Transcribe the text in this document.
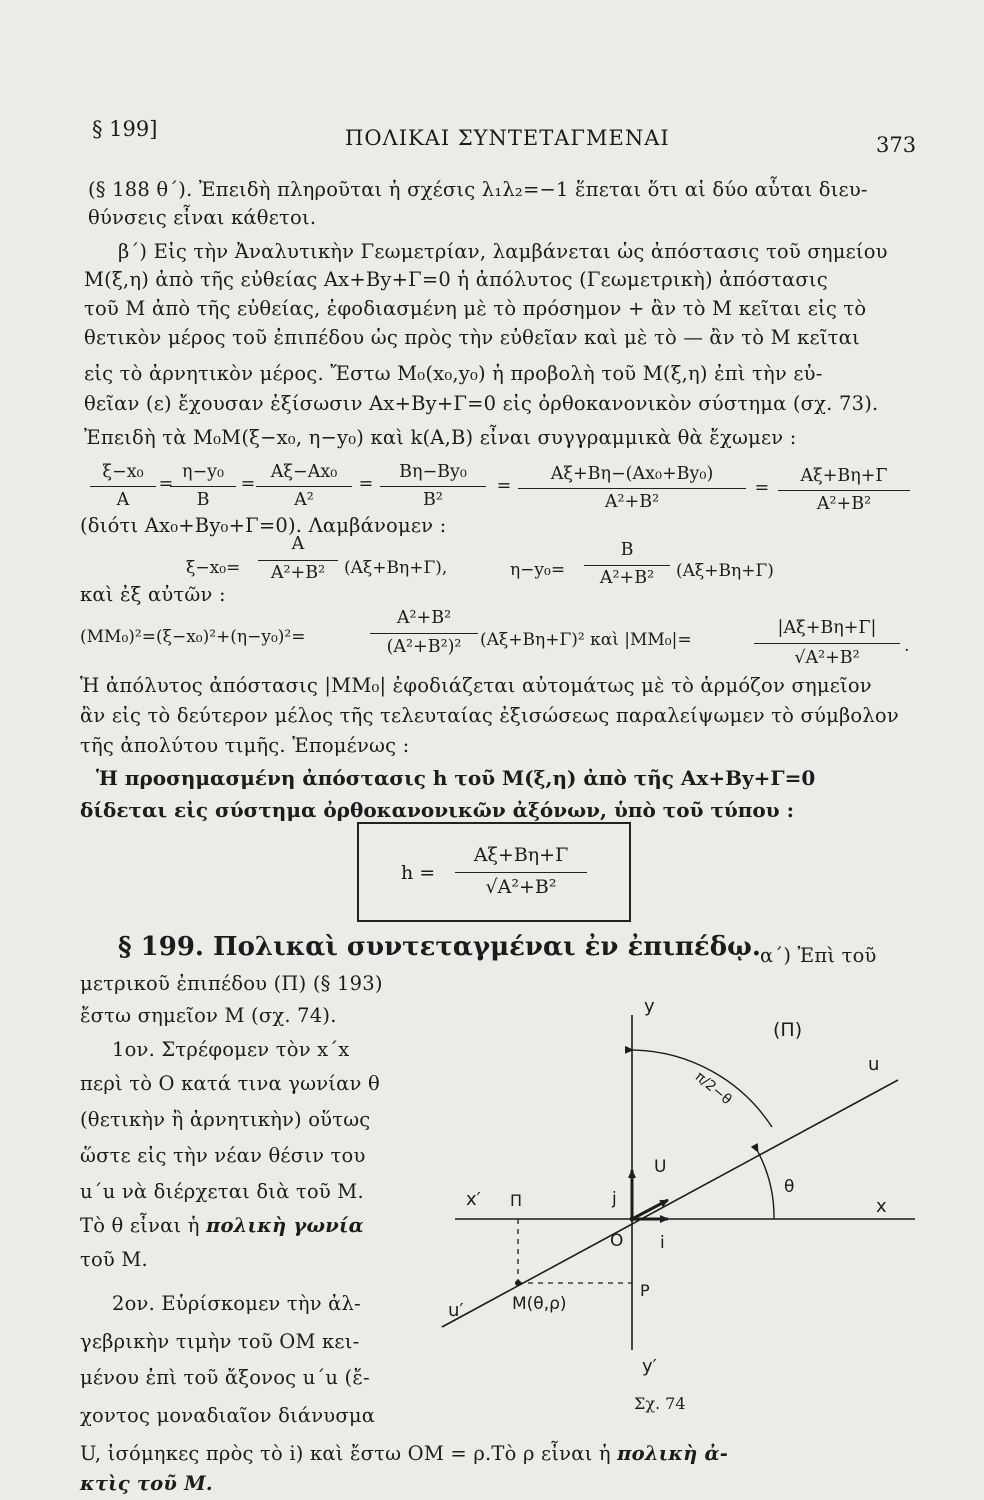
§ 199]	ΠΟΛΙΚΑΙ ΣΥΝΤΕΤΑΓΜΕΝΑΙ	373
(§ 188 θ΄). Ἐπειδὴ πληροῦται ἡ σχέσις λ₁λ₂=−1 ἕπεται ὅτι αἱ δύο αὗται διευ-
θύνσεις εἶναι κάθετοι.
β΄) Εἰς τὴν Ἀναλυτικὴν Γεωμετρίαν, λαμβάνεται ὡς ἀπόστασις τοῦ σημείου
Μ(ξ,η) ἀπὸ τῆς εὐθείας Ax+By+Γ=0 ἡ ἀπόλυτος (Γεωμετρικὴ) ἀπόστασις
τοῦ Μ ἀπὸ τῆς εὐθείας, ἐφοδιασμένη μὲ τὸ πρόσημον + ἂν τὸ Μ κεῖται εἰς τὸ
θετικὸν μέρος τοῦ ἐπιπέδου ὡς πρὸς τὴν εὐθεῖαν καὶ μὲ τὸ — ἂν τὸ Μ κεῖται
εἰς τὸ ἀρνητικὸν μέρος. Ἔστω Μ₀(x₀,y₀) ἡ προβολὴ τοῦ Μ(ξ,η) ἐπὶ τὴν εὐ-
θεῖαν (ε) ἔχουσαν ἐξίσωσιν Ax+By+Γ=0 εἰς ὀρθοκανονικὸν σύστημα (σχ. 73).
Ἐπειδὴ τὰ M₀M(ξ−x₀, η−y₀) καὶ k(A,B) εἶναι συγγραμμικὰ θὰ ἔχωμεν :
ξ−x₀
A
=
η−y₀
B
=
Aξ−Ax₀
A²
=
Bη−By₀
B²
=
Aξ+Bη−(Ax₀+By₀)
A²+B²
=
Aξ+Bη+Γ
A²+B²
(διότι Ax₀+By₀+Γ=0). Λαμβάνομεν :
ξ−x₀=
A
A²+B²	(Aξ+Bη+Γ),	η−y₀=
B
A²+B²	(Aξ+Bη+Γ)
καὶ ἐξ αὐτῶν :
(MM₀)²=(ξ−x₀)²+(η−y₀)²=
A²+B²
(A²+B²)²	(Aξ+Bη+Γ)² καὶ |MM₀|=
|Aξ+Bη+Γ|
√A²+B²
.
Ἡ ἀπόλυτος ἀπόστασις |MM₀| ἐφοδιάζεται αὐτομάτως μὲ τὸ ἁρμόζον σημεῖον
ἂν εἰς τὸ δεύτερον μέλος τῆς τελευταίας ἐξισώσεως παραλείψωμεν τὸ σύμβολον
τῆς ἀπολύτου τιμῆς. Ἑπομένως :
Ἡ προσημασμένη ἀπόστασις h τοῦ Μ(ξ,η) ἀπὸ τῆς Ax+By+Γ=0
δίδεται εἰς σύστημα ὀρθοκανονικῶν ἀξόνων, ὑπὸ τοῦ τύπου :
h =
Aξ+Bη+Γ
√A²+B²
§ 199. Πολικαὶ συντεταγμέναι ἐν ἐπιπέδῳ. α΄) Ἐπὶ τοῦ
μετρικοῦ ἐπιπέδου (Π) (§ 193)
ἔστω σημεῖον Μ (σχ. 74).
1ον. Στρέφομεν τὸν x΄x
περὶ τὸ Ο κατά τινα γωνίαν θ
(θετικὴν ἢ ἀρνητικὴν) οὕτως
ὥστε εἰς τὴν νέαν θέσιν του
u΄u νὰ διέρχεται διὰ τοῦ Μ.
Τὸ θ εἶναι ἡ πολικὴ γωνία
τοῦ Μ.
2ον. Εὑρίσκομεν τὴν ἀλ-
γεβρικὴν τιμὴν τοῦ OM κει-
μένου ἐπὶ τοῦ ἄξονος u΄u (ἔ-
χοντος μοναδιαῖον διάνυσμα
U, ἰσόμηκες πρὸς τὸ i) καὶ ἔστω OM = ρ.Τὸ ρ εἶναι ἡ πολικὴ ἀ-
κτὶς τοῦ Μ.
(Π)
y
y′
x
x′
u
u′
O
Π
P
M(θ,ρ)
θ
π/2−θ
i
j
U
Σχ. 74
